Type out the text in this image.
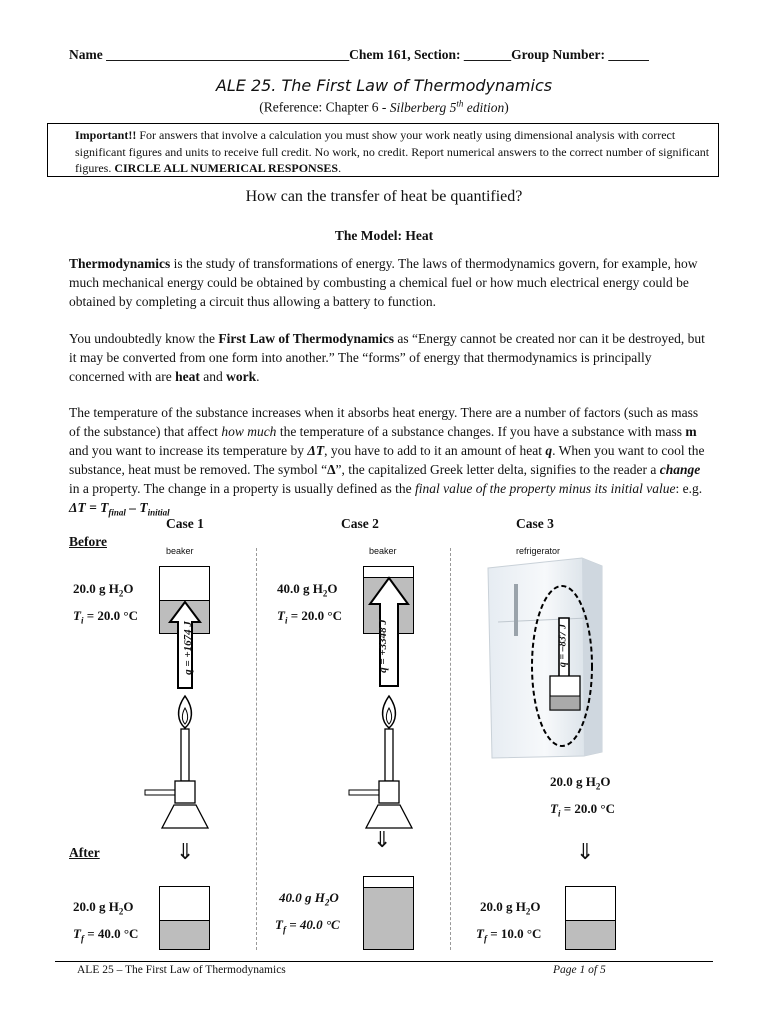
Name ____________________________________Chem 161, Section: _______Group Number: ______
ALE 25. The First Law of Thermodynamics
(Reference: Chapter 6 - Silberberg 5th edition)
Important!! For answers that involve a calculation you must show your work neatly using dimensional analysis with correct significant figures and units to receive full credit. No work, no credit. Report numerical answers to the correct number of significant figures. CIRCLE ALL NUMERICAL RESPONSES.
How can the transfer of heat be quantified?
The Model: Heat
Thermodynamics is the study of transformations of energy. The laws of thermodynamics govern, for example, how much mechanical energy could be obtained by combusting a chemical fuel or how much electrical energy could be obtained by completing a circuit thus allowing a battery to function.
You undoubtedly know the First Law of Thermodynamics as “Energy cannot be created nor can it be destroyed, but it may be converted from one form into another.” The “forms” of energy that thermodynamics is principally concerned with are heat and work.
The temperature of the substance increases when it absorbs heat energy. There are a number of factors (such as mass of the substance) that affect how much the temperature of a substance changes. If you have a substance with mass m and you want to increase its temperature by ΔT, you have to add to it an amount of heat q. When you want to cool the substance, heat must be removed. The symbol “Δ”, the capitalized Greek letter delta, signifies to the reader a change in a property. The change in a property is usually defined as the final value of the property minus its initial value: e.g. $\Delta T = T_{final} - T_{initial}$
Case 1	Case 2	Case 3
Before
beaker	beaker	refrigerator
20.0 g $H_2O$
$T_i = 20.0$ °C
q = +1674 J
40.0 g $H_2O$
$T_i = 20.0$ °C
q = +3348 J	q = –837 J
20.0 g $H_2O$
$T_i = 20.0$ °C
After	⇓	⇓	⇓
20.0 g $H_2O$
$T_f = 40.0$ °C
40.0 g $H_2O$
$T_f = 40.0$ °C
20.0 g $H_2O$
$T_f = 10.0$ °C
ALE 25 – The First Law of Thermodynamics	Page 1 of 5
